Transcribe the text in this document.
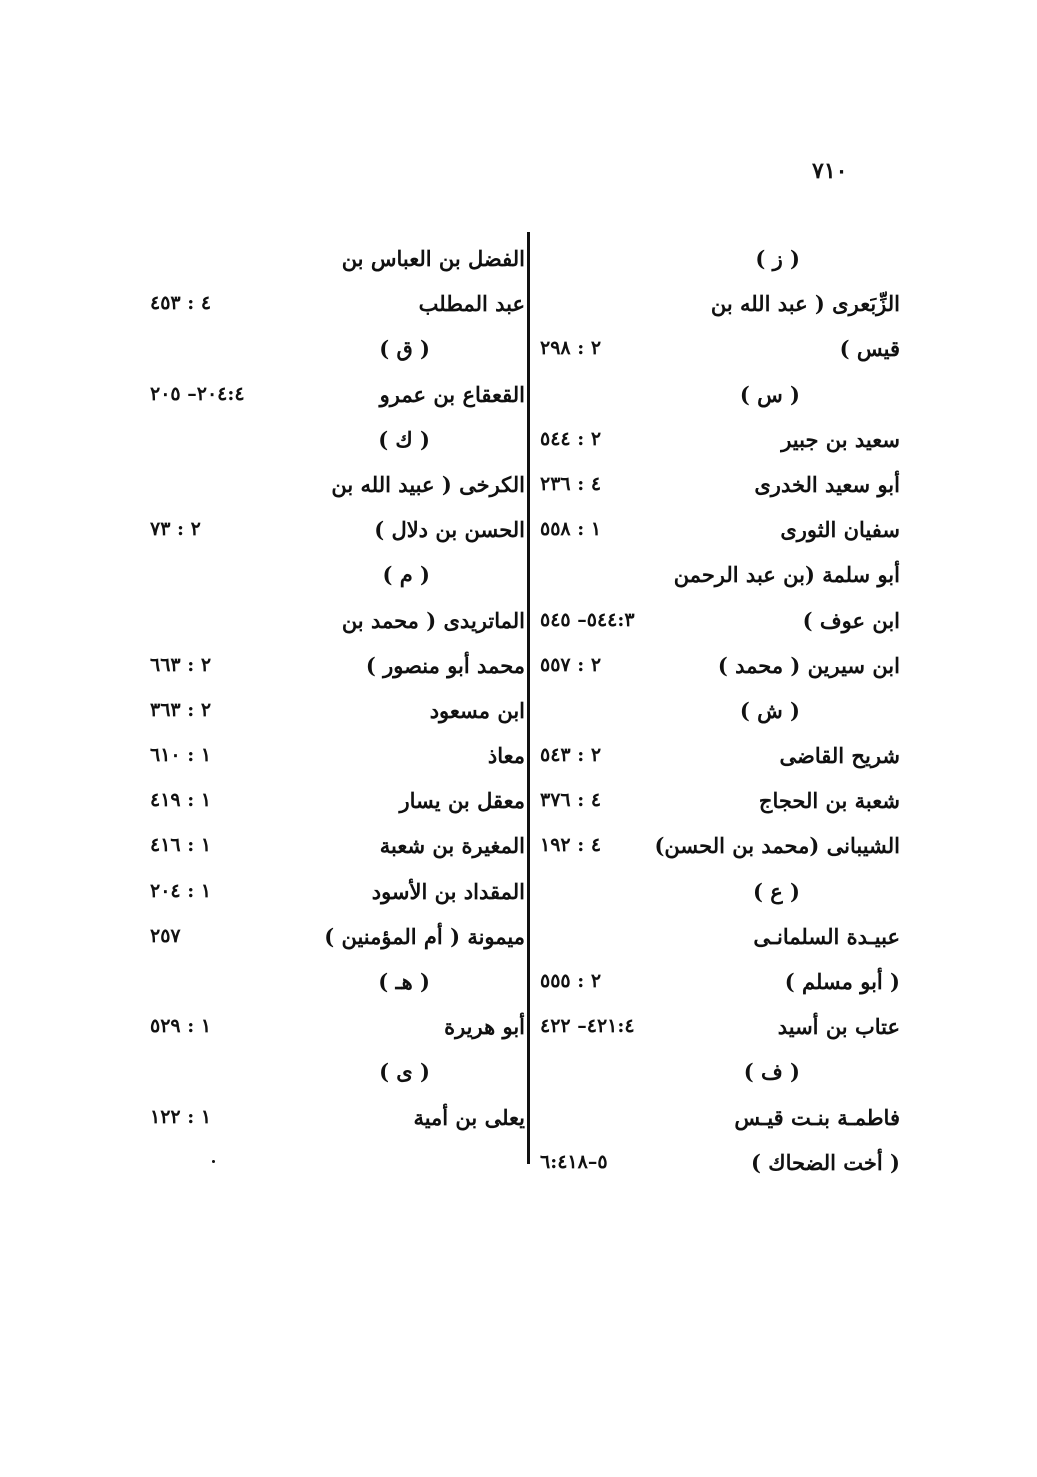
٧١٠
( ز )
الزِّبَعرى ( عبد الله بن
قيس )
٢ : ٢٩٨
( س )
سعيد بن جبير
٢ : ٥٤٤
أبو سعيد الخدرى
٤ : ٢٣٦
سفيان الثورى
١ : ٥٥٨
أبو سلمة (بن عبد الرحمن
ابن عوف )
٥٤٤:٣– ٥٤٥
ابن سيرين ( محمد )
٢ : ٥٥٧
( ش )
شريح القاضى
٢ : ٥٤٣
شعبة بن الحجاج
٤ : ٣٧٦
الشيبانى (محمد بن الحسن)
٤ : ١٩٢
( ع )
عبيـدة السلمانـى
( أبو مسلم )
٢ : ٥٥٥
عتاب بن أسيد
٤٢١:٤– ٤٢٢
( ف )
فاطمـة بنـت قيـس
( أخت الضحاك )
٥–٦:٤١٨
الفضل بن العباس بن
عبد المطلب
٤ : ٤٥٣
( ق )
القعقاع بن عمرو
٢٠٤:٤– ٢٠٥
( ك )
الكرخى ( عبيد الله بن
الحسن بن دلال )
٢ : ٧٣
( م )
الماتريدى ( محمد بن
محمد أبو منصور )
٢ : ٦٦٣
ابن مسعود
٢ : ٣٦٣
معاذ
١ : ٦١٠
معقل بن يسار
١ : ٤١٩
المغيرة بن شعبة
١ : ٤١٦
المقداد بن الأسود
١ : ٢٠٤
ميمونة ( أم المؤمنين )
٢٥٧
( هـ )
أبو هريرة
١ : ٥٢٩
( ى )
يعلى بن أمية
١ : ١٢٢
